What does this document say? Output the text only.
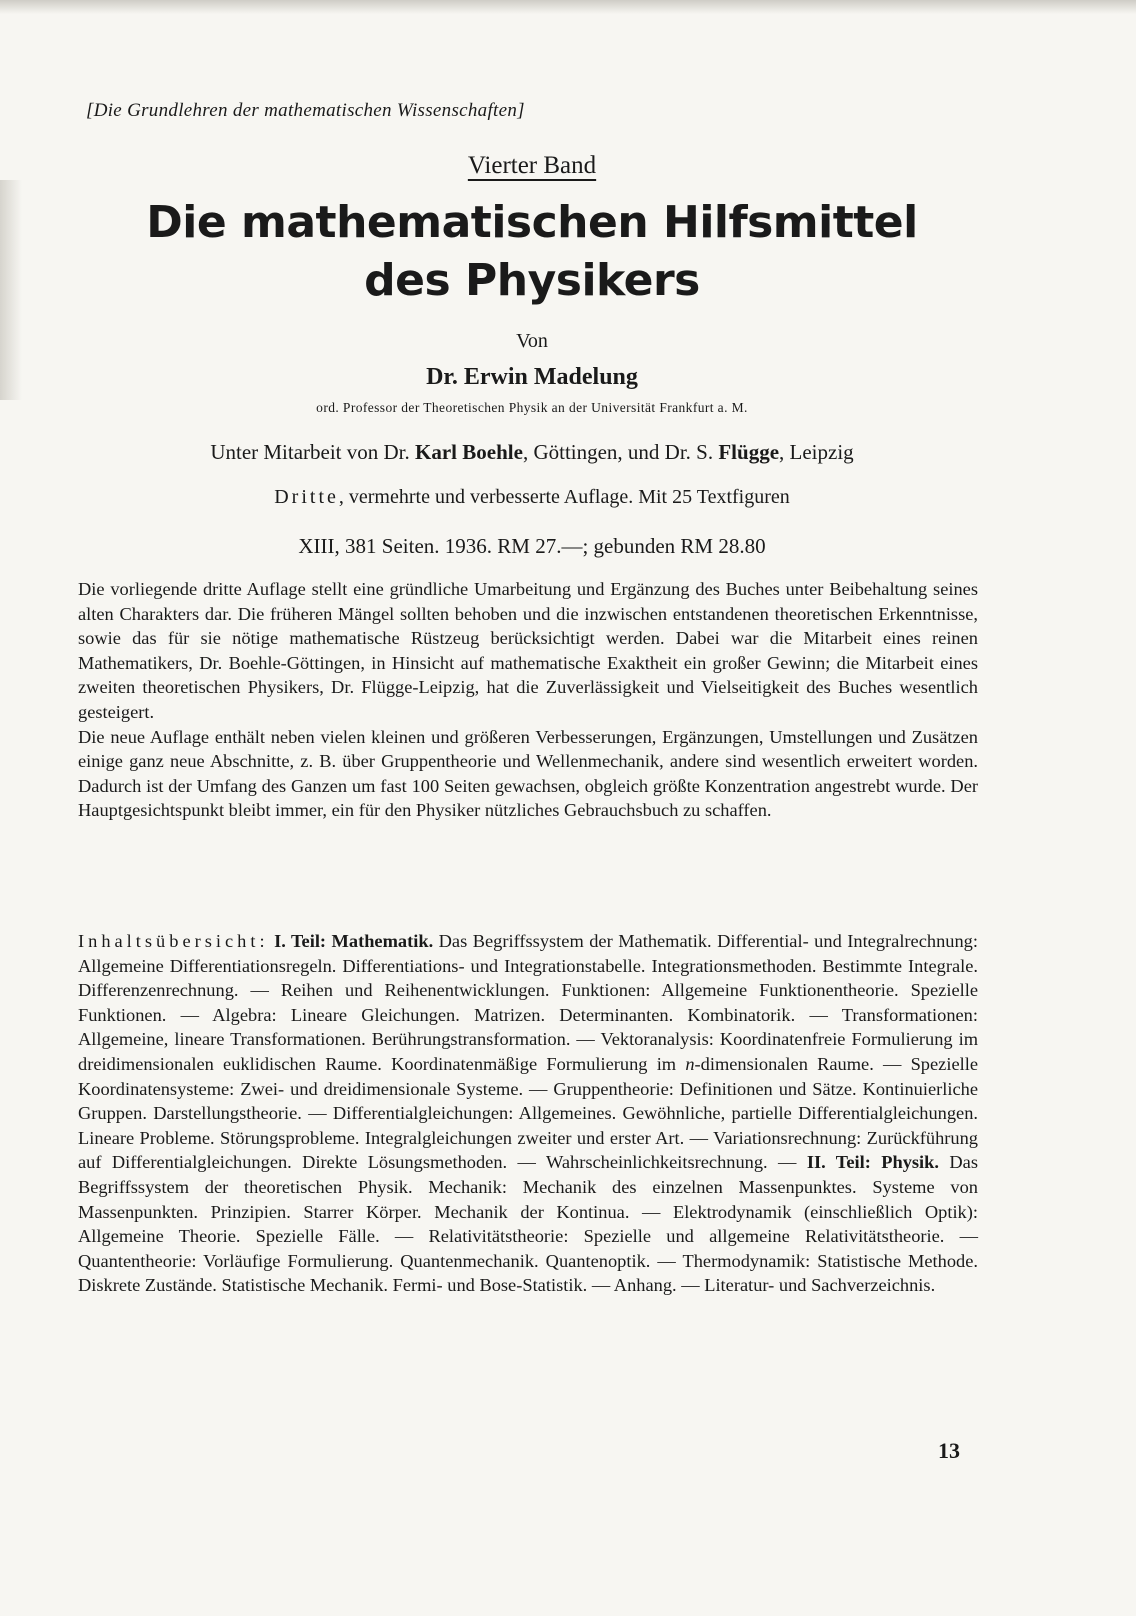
[Die Grundlehren der mathematischen Wissenschaften]
Vierter Band
Die mathematischen Hilfsmittel
des Physikers
Von
Dr. Erwin Madelung
ord. Professor der Theoretischen Physik an der Universität Frankfurt a. M.
Unter Mitarbeit von Dr. Karl Boehle, Göttingen, und Dr. S. Flügge, Leipzig
Dritte, vermehrte und verbesserte Auflage. Mit 25 Textfiguren
XIII, 381 Seiten. 1936. RM 27.—; gebunden RM 28.80

Die vorliegende dritte Auflage stellt eine gründliche Umarbeitung und Ergänzung des Buches unter Beibehaltung seines alten Charakters dar. Die früheren Mängel sollten behoben und die inzwischen entstandenen theoretischen Erkenntnisse, sowie das für sie nötige mathematische Rüstzeug berücksichtigt werden. Dabei war die Mitarbeit eines reinen Mathematikers, Dr. Boehle-Göttingen, in Hinsicht auf mathematische Exaktheit ein großer Gewinn; die Mitarbeit eines zweiten theoretischen Physikers, Dr. Flügge-Leipzig, hat die Zuverlässigkeit und Vielseitigkeit des Buches wesentlich gesteigert.

Die neue Auflage enthält neben vielen kleinen und größeren Verbesserungen, Ergänzungen, Umstellungen und Zusätzen einige ganz neue Abschnitte, z. B. über Gruppentheorie und Wellenmechanik, andere sind wesentlich erweitert worden. Dadurch ist der Umfang des Ganzen um fast 100 Seiten gewachsen, obgleich größte Konzentration angestrebt wurde. Der Hauptgesichtspunkt bleibt immer, ein für den Physiker nützliches Gebrauchsbuch zu schaffen.

Inhaltsübersicht: I. Teil: Mathematik. Das Begriffssystem der Mathematik. Differential- und Integralrechnung: Allgemeine Differentiationsregeln. Differentiations- und Integrationstabelle. Integrationsmethoden. Bestimmte Integrale. Differenzenrechnung. — Reihen und Reihenentwicklungen. Funktionen: Allgemeine Funktionentheorie. Spezielle Funktionen. — Algebra: Lineare Gleichungen. Matrizen. Determinanten. Kombinatorik. — Transformationen: Allgemeine, lineare Transformationen. Berührungstransformation. — Vektoranalysis: Koordinatenfreie Formulierung im dreidimensionalen euklidischen Raume. Koordinatenmäßige Formulierung im n-dimensionalen Raume. — Spezielle Koordinatensysteme: Zwei- und dreidimensionale Systeme. — Gruppentheorie: Definitionen und Sätze. Kontinuierliche Gruppen. Darstellungstheorie. — Differentialgleichungen: Allgemeines. Gewöhnliche, partielle Differentialgleichungen. Lineare Probleme. Störungsprobleme. Integralgleichungen zweiter und erster Art. — Variationsrechnung: Zurückführung auf Differentialgleichungen. Direkte Lösungsmethoden. — Wahrscheinlichkeitsrechnung. — II. Teil: Physik. Das Begriffssystem der theoretischen Physik. Mechanik: Mechanik des einzelnen Massenpunktes. Systeme von Massenpunkten. Prinzipien. Starrer Körper. Mechanik der Kontinua. — Elektrodynamik (einschließlich Optik): Allgemeine Theorie. Spezielle Fälle. — Relativitätstheorie: Spezielle und allgemeine Relativitätstheorie. — Quantentheorie: Vorläufige Formulierung. Quantenmechanik. Quantenoptik. — Thermodynamik: Statistische Methode. Diskrete Zustände. Statistische Mechanik. Fermi- und Bose-Statistik. — Anhang. — Literatur- und Sachverzeichnis.

13
